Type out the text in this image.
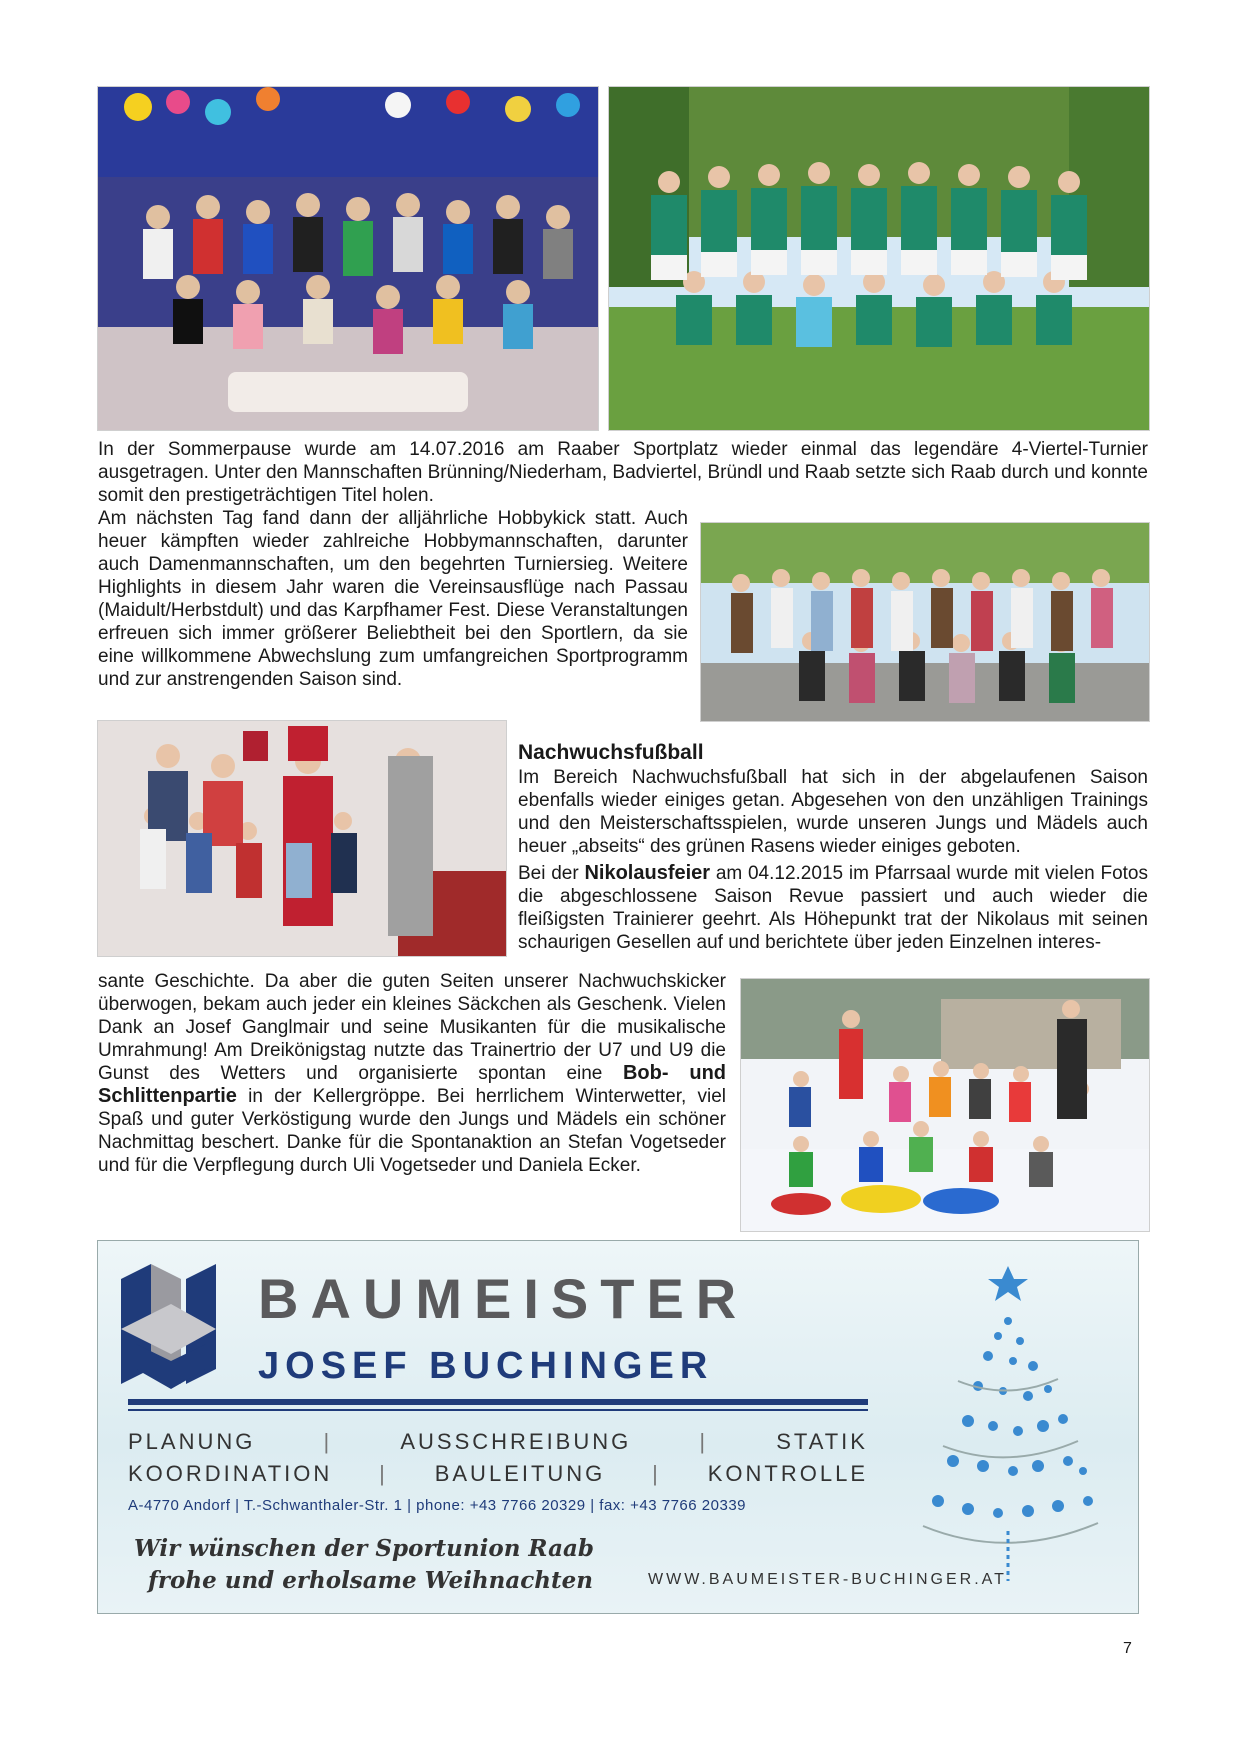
In der Sommerpause wurde am 14.07.2016 am Raaber Sportplatz wieder einmal das legendäre 4-Viertel-Turnier ausgetragen. Unter den Mannschaften Brünning/Niederham, Badviertel, Bründl und Raab setzte sich Raab durch und konnte somit den prestigeträchtigen Titel holen.

Am nächsten Tag fand dann der alljährliche Hobbykick statt. Auch heuer kämpften wieder zahlreiche Hobbymannschaften, darunter auch Damenmannschaften, um den begehrten Turniersieg. Weitere Highlights in diesem Jahr waren die Vereinsausflüge nach Passau (Maidult/Herbstdult) und das Karpfhamer Fest. Diese Veranstaltungen erfreuen sich immer größerer Beliebtheit bei den Sportlern, da sie eine willkommene Abwechslung zum umfangreichen Sportprogramm und zur anstrengenden Saison sind.

Nachwuchsfußball

Im Bereich Nachwuchsfußball hat sich in der abgelaufenen Saison ebenfalls wieder einiges getan. Abgesehen von den unzähligen Trainings und den Meisterschaftsspielen, wurde unseren Jungs und Mädels auch heuer „abseits“ des grünen Rasens wieder einiges geboten.

Bei der Nikolausfeier am 04.12.2015 im Pfarrsaal wurde mit vielen Fotos die abgeschlossene Saison Revue passiert und auch wieder die fleißigsten Trainierer geehrt. Als Höhepunkt trat der Nikolaus mit seinen schaurigen Gesellen auf und berichtete über jeden Einzelnen interes-

sante Geschichte. Da aber die guten Seiten unserer Nachwuchskicker überwogen, bekam auch jeder ein kleines Säckchen als Geschenk. Vielen Dank an Josef Ganglmair und seine Musikanten für die musikalische Umrahmung! Am Dreikönigstag nutzte das Trainertrio der U7 und U9 die Gunst des Wetters und organisierte spontan eine Bob- und Schlittenpartie in der Kellergröppe. Bei herrlichem Winterwetter, viel Spaß und guter Verköstigung wurde den Jungs und Mädels ein schöner Nachmittag beschert. Danke für die Spontanaktion an Stefan Vogetseder und für die Verpflegung durch Uli Vogetseder und Daniela Ecker.

BAUMEISTER
JOSEF BUCHINGER
PLANUNG	|	AUSSCHREIBUNG	|	STATIK
KOORDINATION | BAULEITUNG | KONTROLLE
A-4770 Andorf | T.-Schwanthaler-Str. 1 | phone: +43 7766 20329 | fax: +43 7766 20339
Wir wünschen der Sportunion Raab
frohe und erholsame Weihnachten	WWW.BAUMEISTER-BUCHINGER.AT
7
